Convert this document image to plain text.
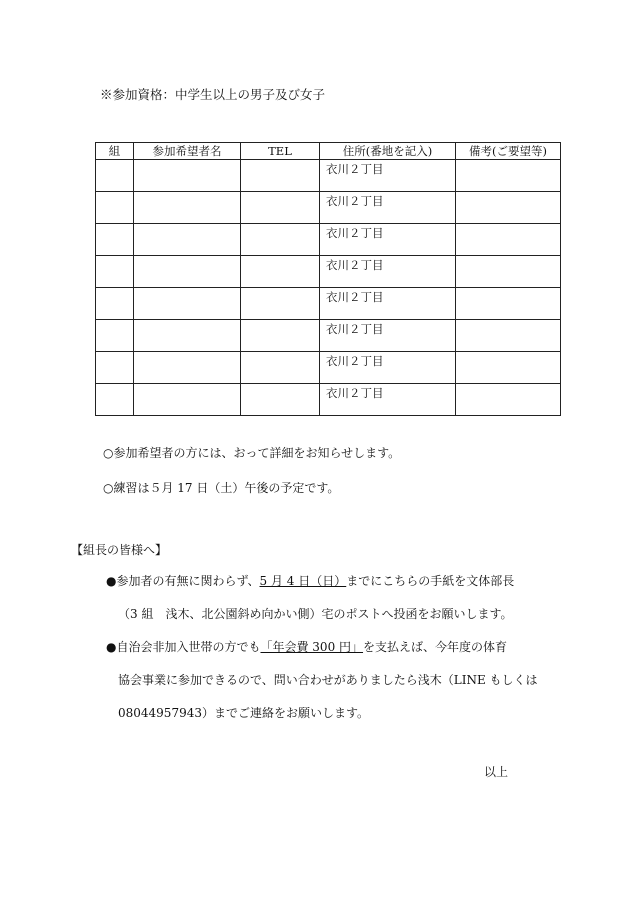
※参加資格：中学生以上の男子及び女子
組	参加希望者名	TEL	住所(番地を記入)	備考(ご要望等)
			衣川２丁目	
			衣川２丁目	
			衣川２丁目	
			衣川２丁目	
			衣川２丁目	
			衣川２丁目	
			衣川２丁目	
			衣川２丁目	
○参加希望者の方には、おって詳細をお知らせします。
○練習は５月 17 日（土）午後の予定です。
【組長の皆様へ】
●参加者の有無に関わらず、5 月 4 日（日）までにこちらの手紙を文体部長
（3 組　浅木、北公園斜め向かい側）宅のポストへ投函をお願いします。
●自治会非加入世帯の方でも「年会費 300 円」を支払えば、今年度の体育
協会事業に参加できるので、問い合わせがありましたら浅木（LINE もしくは
08044957943）までご連絡をお願いします。
以上
